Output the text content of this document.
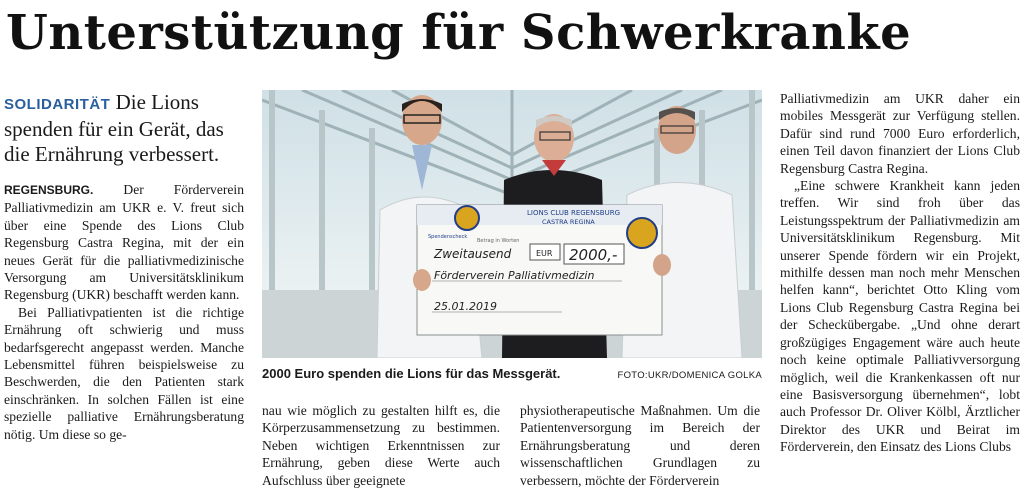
Unterstützung für Schwerkranke
SOLIDARITÄT Die Lions spenden für ein Gerät, das die Ernährung verbessert.

REGENSBURG. Der Förderverein Palliativmedizin am UKR e. V. freut sich über eine Spende des Lions Club Regensburg Castra Regina, mit der ein neues Gerät für die palliativmedizinische Versorgung am Universitätsklinikum Regensburg (UKR) beschafft werden kann.

Bei Palliativpatienten ist die richtige Ernährung oft schwierig und muss bedarfsgerecht angepasst werden. Manche Lebensmittel führen beispielsweise zu Beschwerden, die den Patienten stark einschränken. In solchen Fällen ist eine spezielle palliative Ernährungsberatung nötig. Um diese so ge-

LIONS CLUB REGENSBURG
CASTRA REGINA
Spendenscheck
Betrag in Worten
Zweitausend	EUR 2000,-
Förderverein Palliativmedizin
25.01.2019
2000 Euro spenden die Lions für das Messgerät.	FOTO:UKR/DOMENICA GOLKA

nau wie möglich zu gestalten hilft es, die Körperzusammensetzung zu bestimmen. Neben wichtigen Erkenntnissen zur Ernährung, geben diese Werte auch Aufschluss über geeignete

physiotherapeutische Maßnahmen. Um die Patientenversorgung im Bereich der Ernährungsberatung und deren wissenschaftlichen Grundlagen zu verbessern, möchte der Förderverein

Palliativmedizin am UKR daher ein mobiles Messgerät zur Verfügung stellen. Dafür sind rund 7000 Euro erforderlich, einen Teil davon finanziert der Lions Club Regensburg Castra Regina.

„Eine schwere Krankheit kann jeden treffen. Wir sind froh über das Leistungsspektrum der Palliativmedizin am Universitätsklinikum Regensburg. Mit unserer Spende fördern wir ein Projekt, mithilfe dessen man noch mehr Menschen helfen kann“, berichtet Otto Kling vom Lions Club Regensburg Castra Regina bei der Scheckübergabe. „Und ohne derart großzügiges Engagement wäre auch heute noch keine optimale Palliativversorgung möglich, weil die Krankenkassen oft nur eine Basisversorgung übernehmen“, lobt auch Professor Dr. Oliver Kölbl, Ärztlicher Direktor des UKR und Beirat im Förderverein, den Einsatz des Lions Clubs
